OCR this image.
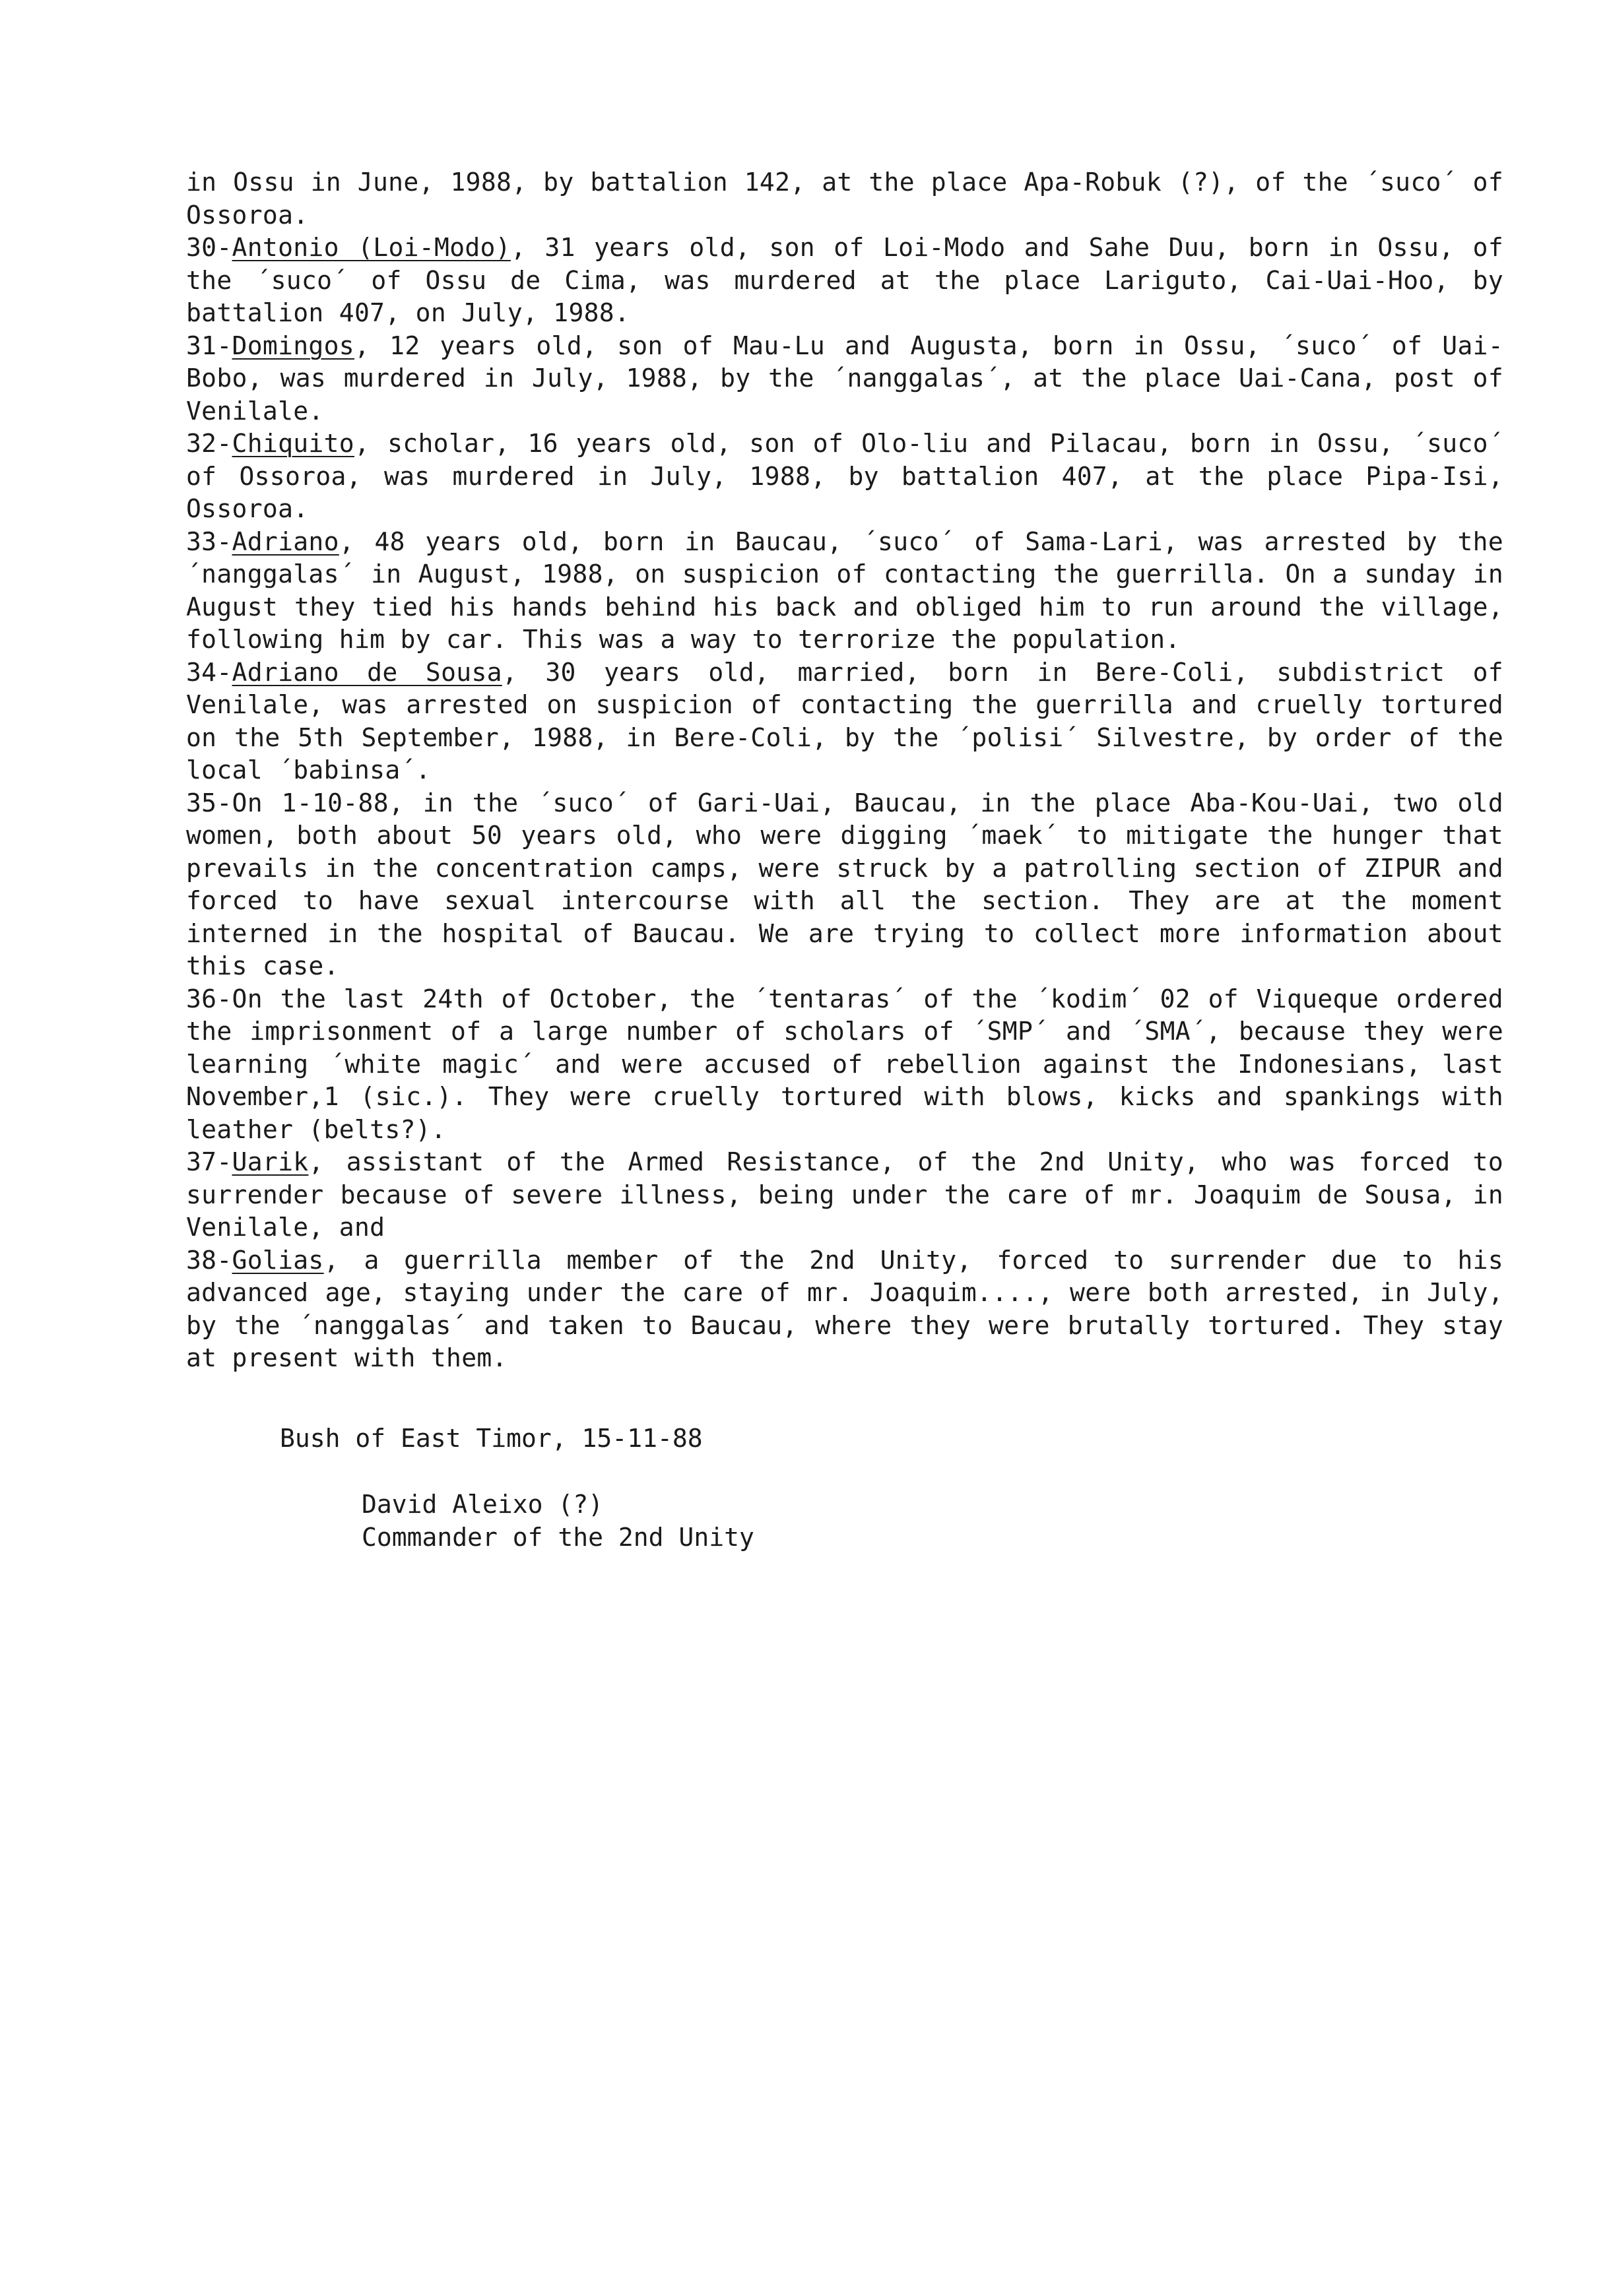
in Ossu in June, 1988, by battalion 142, at the place Apa-Robuk (?), of the ´suco´ of Ossoroa.

30-Antonio (Loi-Modo), 31 years old, son of Loi-Modo and Sahe Duu, born in Ossu, of the ´suco´ of Ossu de Cima, was murdered at the place Lariguto, Cai-Uai-Hoo, by battalion 407, on July, 1988.

31-Domingos, 12 years old, son of Mau-Lu and Augusta, born in Ossu, ´suco´ of Uai-Bobo, was murdered in July, 1988, by the ´nanggalas´, at the place Uai-Cana, post of Venilale.

32-Chiquito, scholar, 16 years old, son of Olo-liu and Pilacau, born in Ossu, ´suco´ of Ossoroa, was murdered in July, 1988, by battalion 407, at the place Pipa-Isi, Ossoroa.

33-Adriano, 48 years old, born in Baucau, ´suco´ of Sama-Lari, was arrested by the ´nanggalas´ in August, 1988, on suspicion of contacting the guerrilla. On a sunday in August they tied his hands behind his back and obliged him to run around the village, following him by car. This was a way to terrorize the population.

34-Adriano de Sousa, 30 years old, married, born in Bere-Coli, subdistrict of Venilale, was arrested on suspicion of contacting the guerrilla and cruelly tortured on the 5th September, 1988, in Bere-Coli, by the ´polisi´ Silvestre, by order of the local ´babinsa´.

35-On 1-10-88, in the ´suco´ of Gari-Uai, Baucau, in the place Aba-Kou-Uai, two old women, both about 50 years old, who were digging ´maek´ to mitigate the hunger that prevails in the concentration camps, were struck by a patrolling section of ZIPUR and forced to have sexual intercourse with all the section. They are at the moment interned in the hospital of Baucau. We are trying to collect more information about this case.

36-On the last 24th of October, the ´tentaras´ of the ´kodim´ 02 of Viqueque ordered the imprisonment of a large number of scholars of ´SMP´ and ´SMA´, because they were learning ´white magic´ and were accused of rebellion against the Indonesians, last November,1 (sic.). They were cruelly tortured with blows, kicks and spankings with leather (belts?).

37-Uarik, assistant of the Armed Resistance, of the 2nd Unity, who was forced to surrender because of severe illness, being under the care of mr. Joaquim de Sousa, in Venilale, and

38-Golias, a guerrilla member of the 2nd Unity, forced to surrender due to his advanced age, staying under the care of mr. Joaquim...., were both arrested, in July, by the ´nanggalas´ and taken to Baucau, where they were brutally tortured. They stay at present with them.

Bush of East Timor, 15-11-88
David Aleixo (?)
Commander of the 2nd Unity
